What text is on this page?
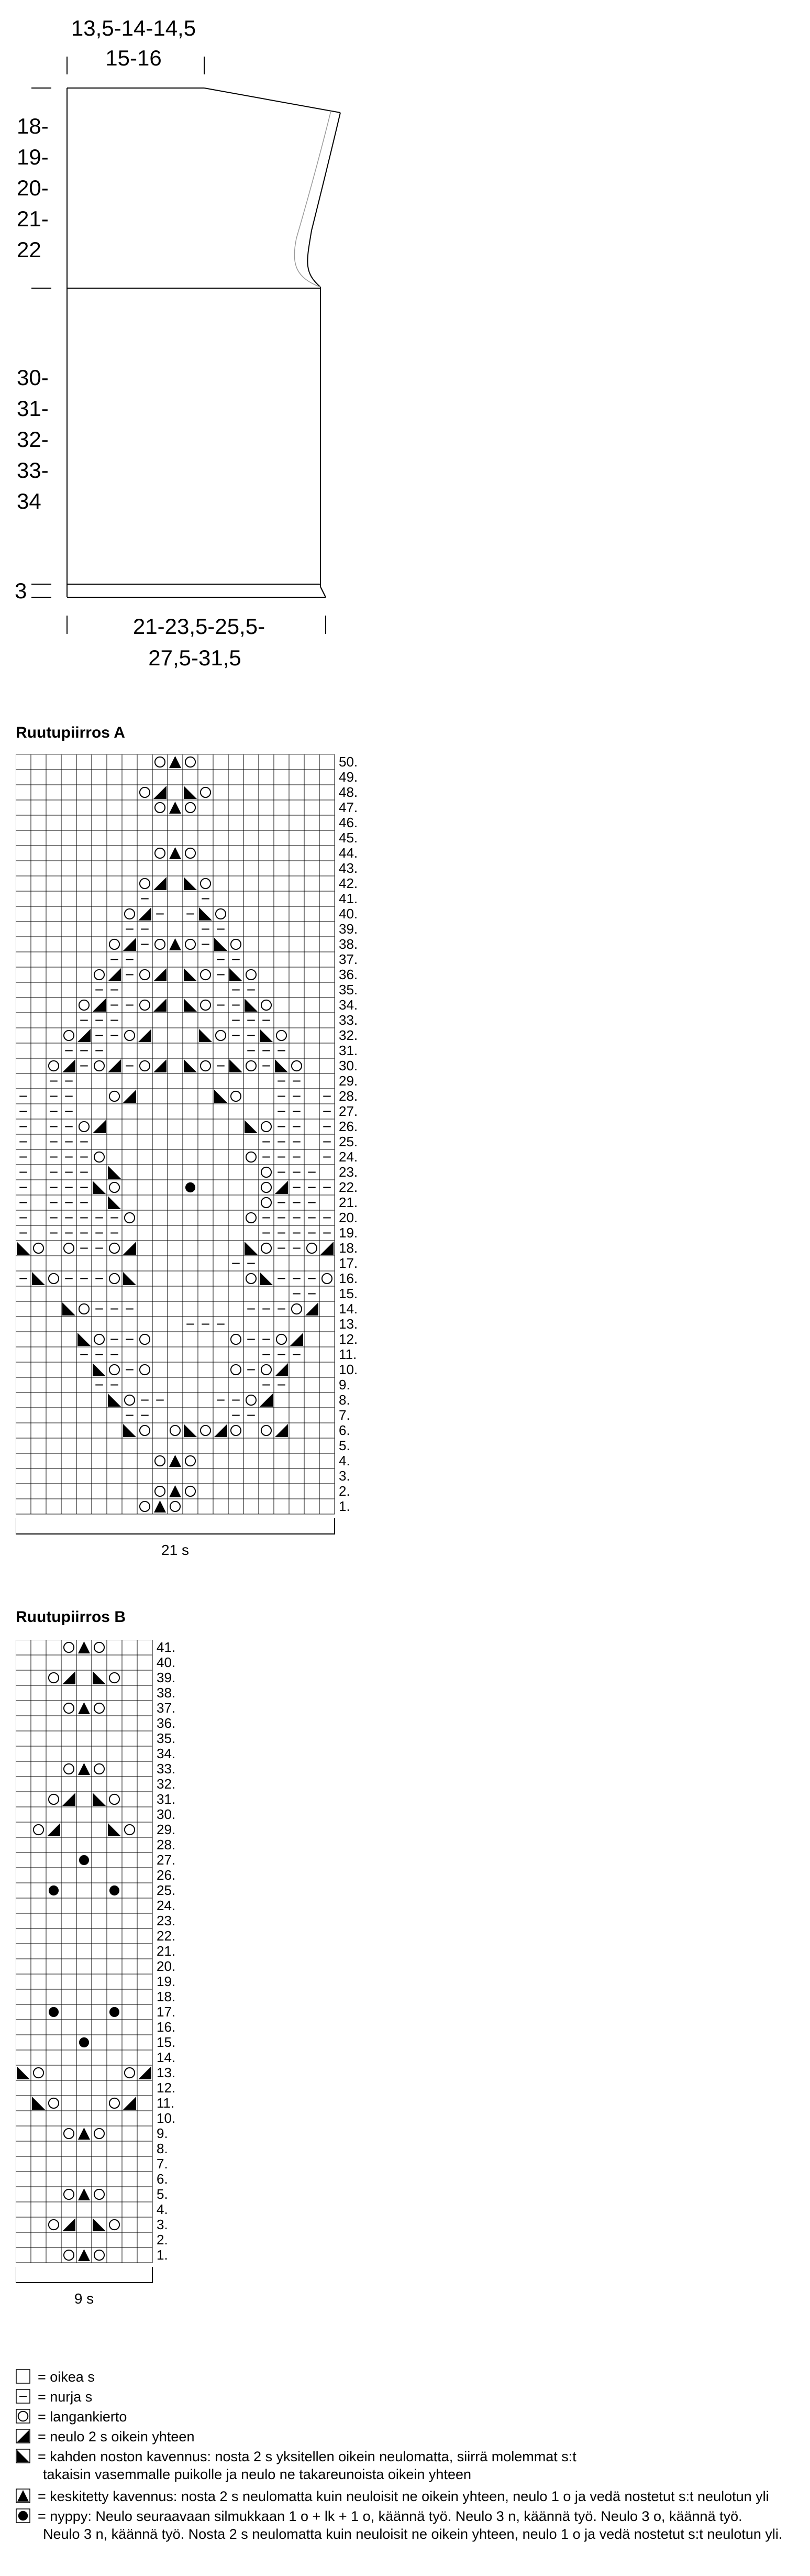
13,5-14-14,5
15-16
18-
19-
20-
21-
22
30-
31-
32-
33-
34
3
21-23,5-25,5-
27,5-31,5
Ruutupiirros A
50.
49.
48.
47.
46.
45.
44.
43.
42.
41.
40.
39.
38.
37.
36.
35.
34.
33.
32.
31.
30.
29.
28.
27.
26.
25.
24.
23.
22.
21.
20.
19.
18.
17.
16.
15.
14.
13.
12.
11.
10.
9.
8.
7.
6.
5.
4.
3.
2.
1.
21 s
Ruutupiirros B
41.
40.
39.
38.
37.
36.
35.
34.
33.
32.
31.
30.
29.
28.
27.
26.
25.
24.
23.
22.
21.
20.
19.
18.
17.
16.
15.
14.
13.
12.
11.
10.
9.
8.
7.
6.
5.
4.
3.
2.
1.
9 s
= oikea s
= nurja s
= langankierto
= neulo 2 s oikein yhteen
= kahden noston kavennus: nosta 2 s yksitellen oikein neulomatta, siirrä molemmat s:t
takaisin vasemmalle puikolle ja neulo ne takareunoista oikein yhteen
= keskitetty kavennus: nosta 2 s neulomatta kuin neuloisit ne oikein yhteen, neulo 1 o ja vedä nostetut s:t neulotun yli
= nyppy: Neulo seuraavaan silmukkaan 1 o + lk + 1 o, käännä työ. Neulo 3 n, käännä työ. Neulo 3 o, käännä työ.
Neulo 3 n, käännä työ. Nosta 2 s neulomatta kuin neuloisit ne oikein yhteen, neulo 1 o ja vedä nostetut s:t neulotun yli.
